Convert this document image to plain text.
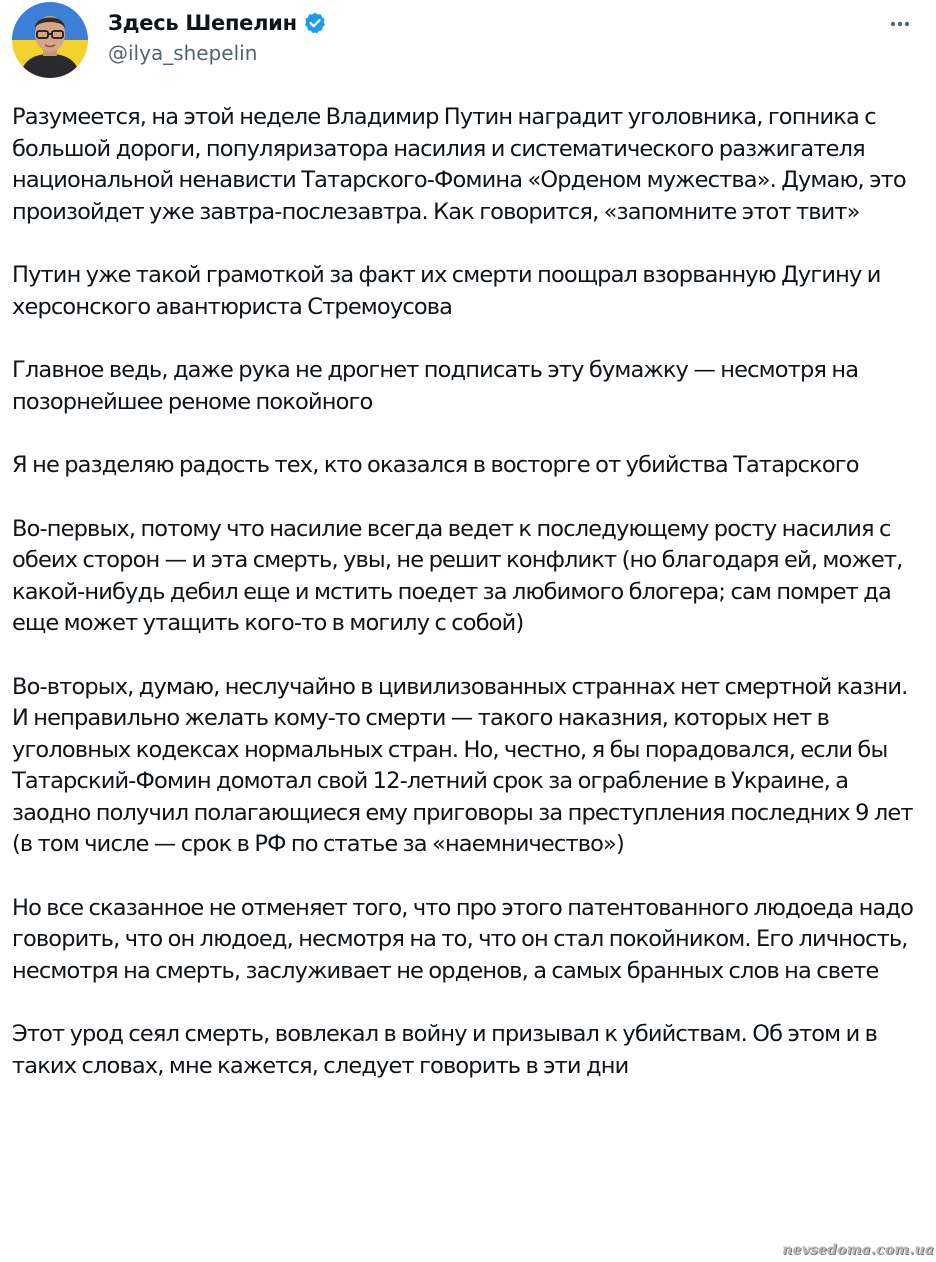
Здесь Шепелин
@ilya_shepelin

Разумеется, на этой неделе Владимир Путин наградит уголовника, гопника с большой дороги, популяризатора насилия и систематического разжигателя национальной ненависти Татарского-Фомина «Орденом мужества». Думаю, это произойдет уже завтра-послезавтра. Как говорится, «запомните этот твит»

Путин уже такой грамоткой за факт их смерти поощрал взорванную Дугину и херсонского авантюриста Стремоусова

Главное ведь, даже рука не дрогнет подписать эту бумажку — несмотря на позорнейшее реноме покойного

Я не разделяю радость тех, кто оказался в восторге от убийства Татарского

Во-первых, потому что насилие всегда ведет к последующему росту насилия с обеих сторон — и эта смерть, увы, не решит конфликт (но благодаря ей, может, какой-нибудь дебил еще и мстить поедет за любимого блогера; сам помрет да еще может утащить кого-то в могилу с собой)

Во-вторых, думаю, неслучайно в цивилизованных страннах нет смертной казни. И неправильно желать кому-то смерти — такого наказния, которых нет в уголовных кодексах нормальных стран. Но, честно, я бы порадовался, если бы Татарский-Фомин домотал свой 12-летний срок за ограбление в Украине, а заодно получил полагающиеся ему приговоры за преступления последних 9 лет (в том числе — срок в РФ по статье за «наемничество»)

Но все сказанное не отменяет того, что про этого патентованного людоеда надо говорить, что он людоед, несмотря на то, что он стал покойником. Его личность, несмотря на смерть, заслуживает не орденов, а самых бранных слов на свете

Этот урод сеял смерть, вовлекал в войну и призывал к убийствам. Об этом и в таких словах, мне кажется, следует говорить в эти дни

nevsedoma.com.ua
